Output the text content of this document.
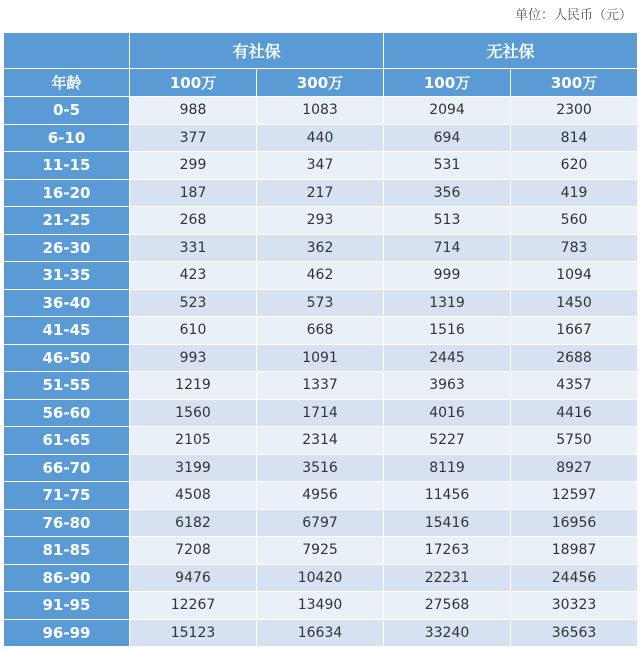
单位：人民币（元）
	有社保		无社保	
年龄	100万	300万	100万	300万
0-5	988	1083	2094	2300
6-10	377	440	694	814
11-15	299	347	531	620
16-20	187	217	356	419
21-25	268	293	513	560
26-30	331	362	714	783
31-35	423	462	999	1094
36-40	523	573	1319	1450
41-45	610	668	1516	1667
46-50	993	1091	2445	2688
51-55	1219	1337	3963	4357
56-60	1560	1714	4016	4416
61-65	2105	2314	5227	5750
66-70	3199	3516	8119	8927
71-75	4508	4956	11456	12597
76-80	6182	6797	15416	16956
81-85	7208	7925	17263	18987
86-90	9476	10420	22231	24456
91-95	12267	13490	27568	30323
96-99	15123	16634	33240	36563
